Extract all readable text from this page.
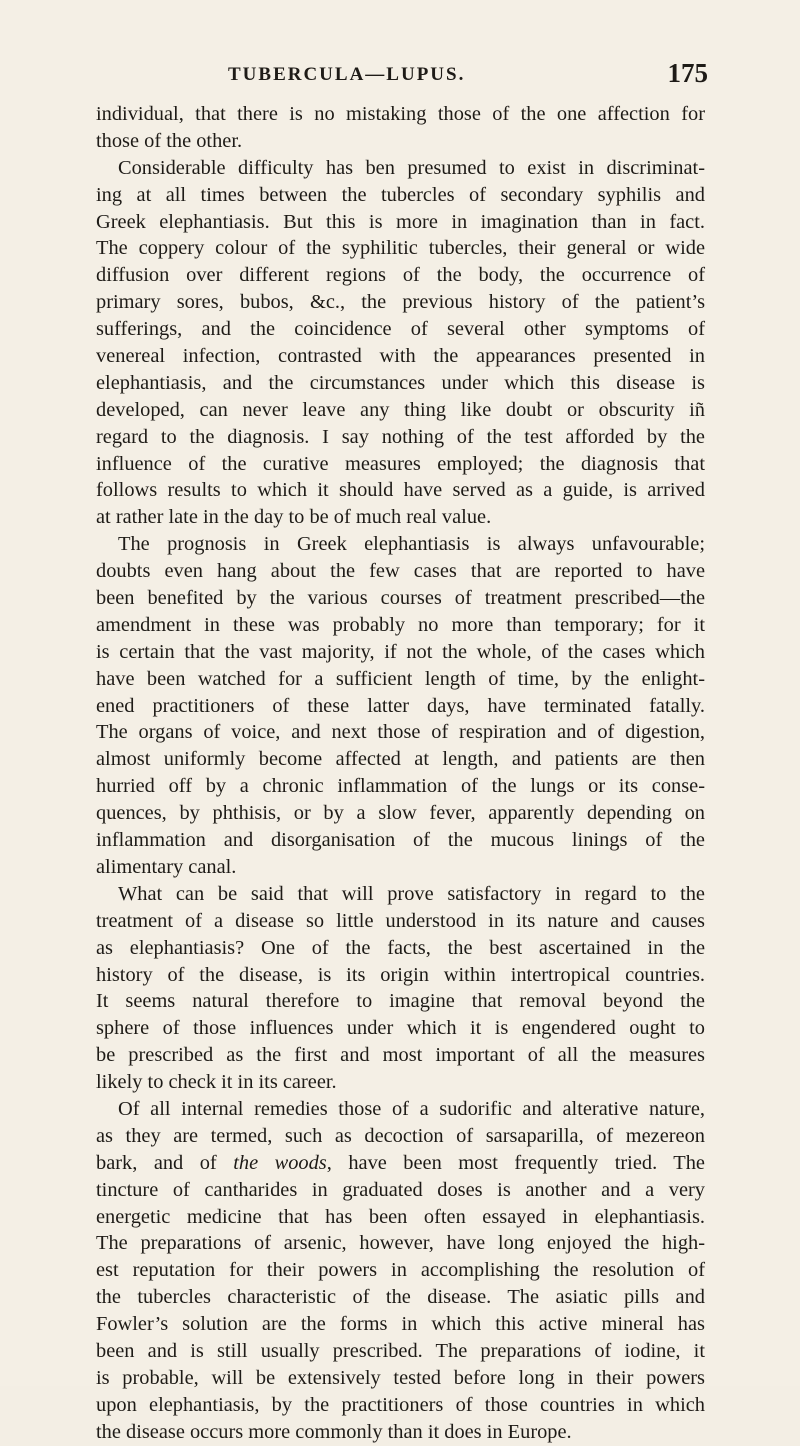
TUBERCULA—LUPUS.	175
individual, that there is no mistaking those of the one affection for
those of the other.
Considerable difficulty has ben presumed to exist in discriminat-
ing at all times between the tubercles of secondary syphilis and
Greek elephantiasis. But this is more in imagination than in fact.
The coppery colour of the syphilitic tubercles, their general or wide
diffusion over different regions of the body, the occurrence of
primary sores, bubos, &c., the previous history of the patient’s
sufferings, and the coincidence of several other symptoms of
venereal infection, contrasted with the appearances presented in
elephantiasis, and the circumstances under which this disease is
developed, can never leave any thing like doubt or obscurity iñ
regard to the diagnosis. I say nothing of the test afforded by the
influence of the curative measures employed; the diagnosis that
follows results to which it should have served as a guide, is arrived
at rather late in the day to be of much real value.
The prognosis in Greek elephantiasis is always unfavourable;
doubts even hang about the few cases that are reported to have
been benefited by the various courses of treatment prescribed—the
amendment in these was probably no more than temporary; for it
is certain that the vast majority, if not the whole, of the cases which
have been watched for a sufficient length of time, by the enlight-
ened practitioners of these latter days, have terminated fatally.
The organs of voice, and next those of respiration and of digestion,
almost uniformly become affected at length, and patients are then
hurried off by a chronic inflammation of the lungs or its conse-
quences, by phthisis, or by a slow fever, apparently depending on
inflammation and disorganisation of the mucous linings of the
alimentary canal.
What can be said that will prove satisfactory in regard to the
treatment of a disease so little understood in its nature and causes
as elephantiasis? One of the facts, the best ascertained in the
history of the disease, is its origin within intertropical countries.
It seems natural therefore to imagine that removal beyond the
sphere of those influences under which it is engendered ought to
be prescribed as the first and most important of all the measures
likely to check it in its career.
Of all internal remedies those of a sudorific and alterative nature,
as they are termed, such as decoction of sarsaparilla, of mezereon
bark, and of the woods, have been most frequently tried. The
tincture of cantharides in graduated doses is another and a very
energetic medicine that has been often essayed in elephantiasis.
The preparations of arsenic, however, have long enjoyed the high-
est reputation for their powers in accomplishing the resolution of
the tubercles characteristic of the disease. The asiatic pills and
Fowler’s solution are the forms in which this active mineral has
been and is still usually prescribed. The preparations of iodine, it
is probable, will be extensively tested before long in their powers
upon elephantiasis, by the practitioners of those countries in which
the disease occurs more commonly than it does in Europe.
